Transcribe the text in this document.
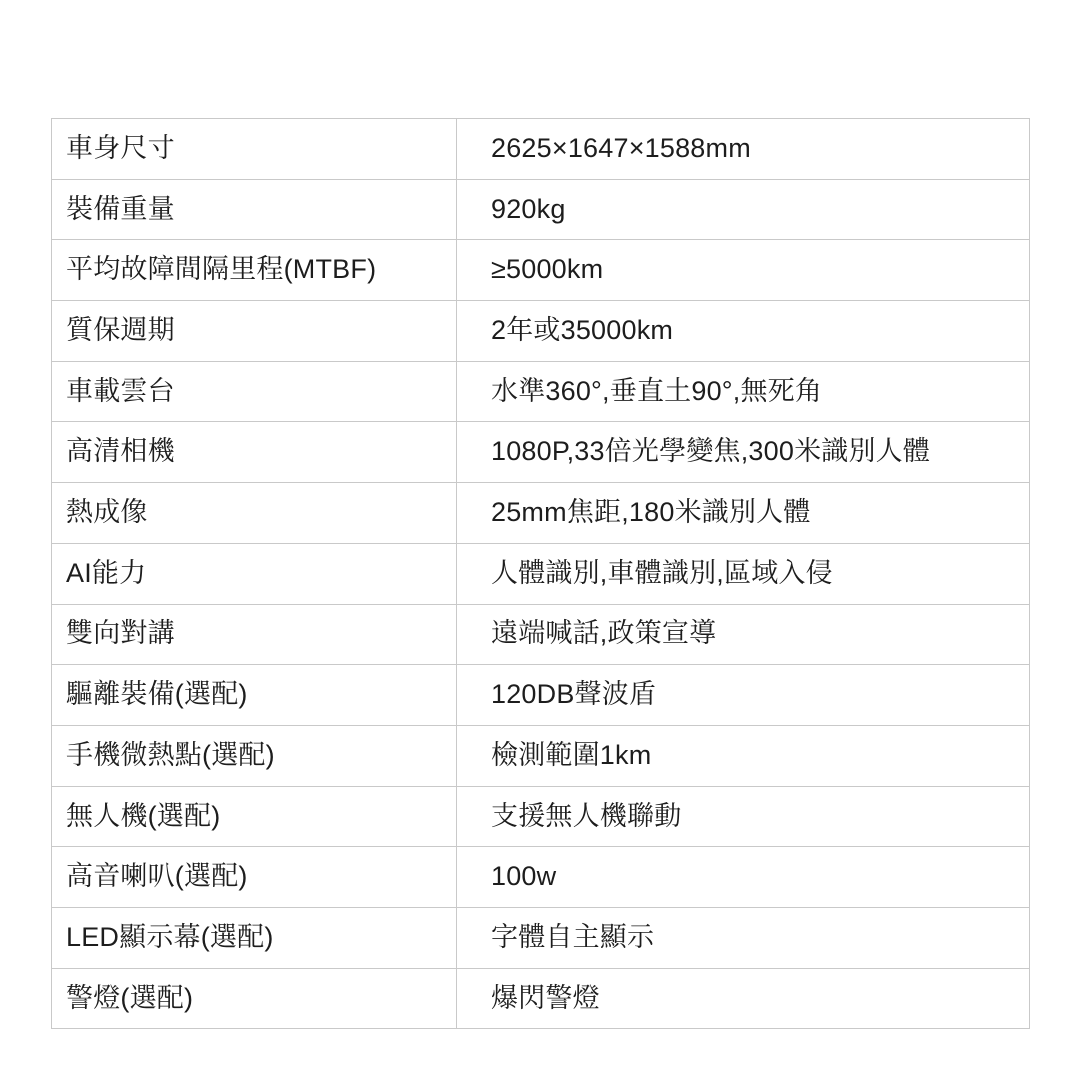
車身尺寸	2625×1647×1588mm
裝備重量	920kg
平均故障間隔里程(MTBF)	≥5000km
質保週期	2年或35000km
車載雲台	水準360°,垂直土90°,無死角
高清相機	1080P,33倍光學變焦,300米識別人體
熱成像	25mm焦距,180米識別人體
AI能力	人體識別,車體識別,區域入侵
雙向對講	遠端喊話,政策宣導
驅離裝備(選配)	120DB聲波盾
手機微熱點(選配)	檢測範圍1km
無人機(選配)	支援無人機聯動
高音喇叭(選配)	100w
LED顯示幕(選配)	字體自主顯示
警燈(選配)	爆閃警燈
